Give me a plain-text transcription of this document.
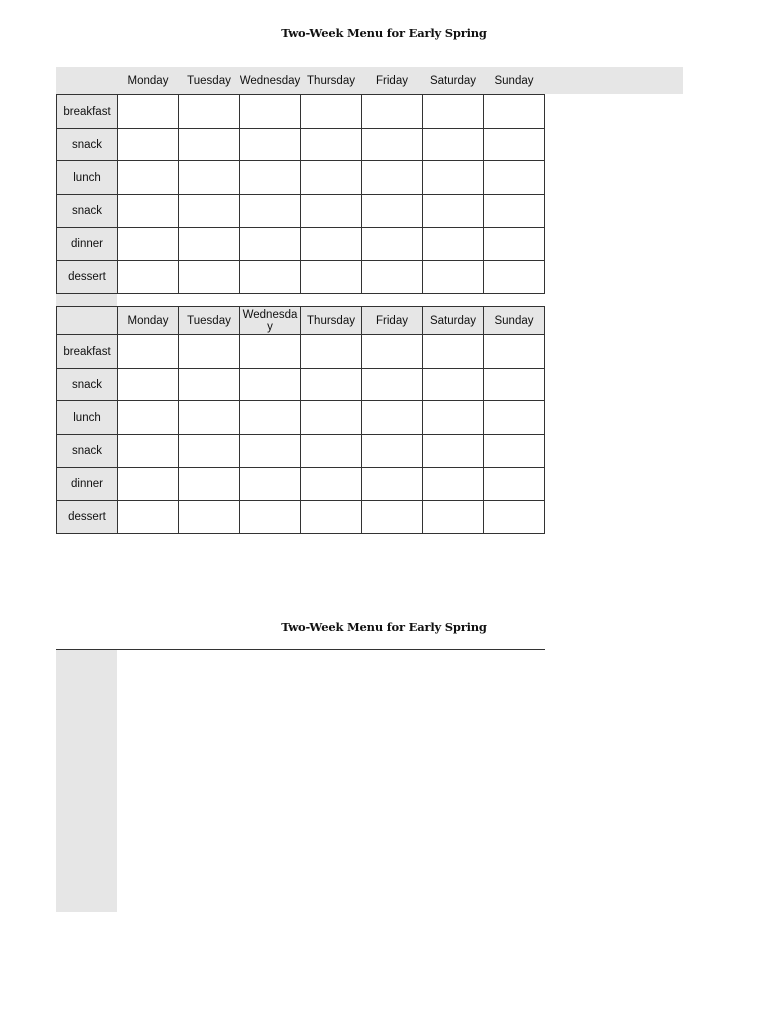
Two-Week Menu for Early Spring
	Monday	Tuesday	Wednesday	Thursday	Friday	Saturday	Sunday
breakfast							
snack							
lunch							
snack							
dinner							
dessert							
	Monday	Tuesday	Wednesday	Thursday	Friday	Saturday	Sunday
breakfast							
snack							
lunch							
snack							
dinner							
dessert							
Two-Week Menu for Early Spring
